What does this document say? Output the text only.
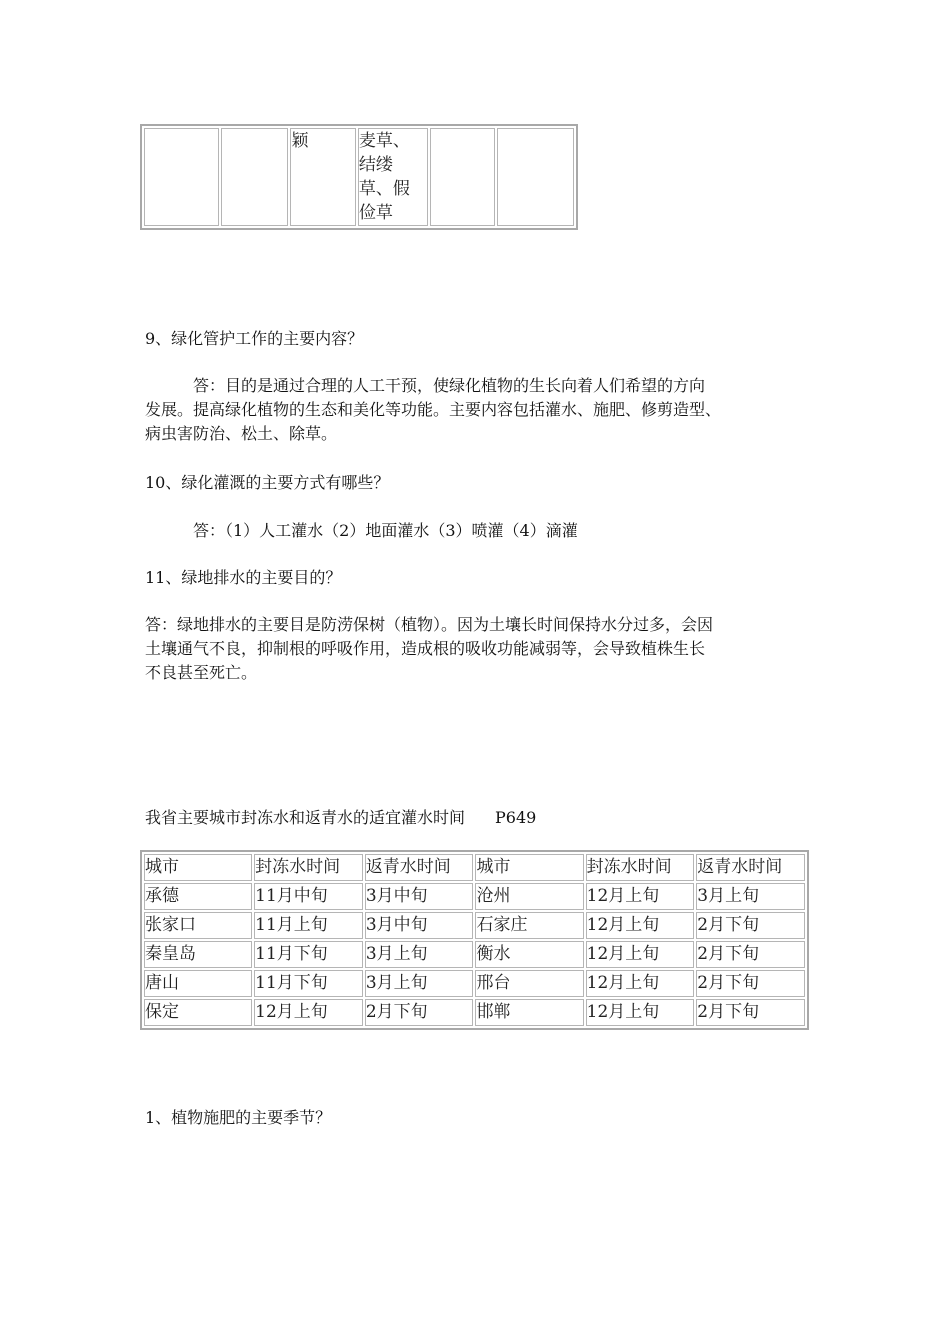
		颖	麦草、结缕草、假俭草		
9、绿化管护工作的主要内容？
答：目的是通过合理的人工干预，使绿化植物的生长向着人们希望的方向
发展。提高绿化植物的生态和美化等功能。主要内容包括灌水、施肥、修剪造型、
病虫害防治、松土、除草。
10、绿化灌溉的主要方式有哪些？
答：（1）人工灌水（2）地面灌水（3）喷灌（4）滴灌
11、绿地排水的主要目的？
答：绿地排水的主要目是防涝保树（植物）。因为土壤长时间保持水分过多，会因
土壤通气不良，抑制根的呼吸作用，造成根的吸收功能减弱等，会导致植株生长
不良甚至死亡。
我省主要城市封冻水和返青水的适宜灌水时间 P649
城市	封冻水时间	返青水时间	城市	封冻水时间	返青水时间
承德	11月中旬	3月中旬	沧州	12月上旬	3月上旬
张家口	11月上旬	3月中旬	石家庄	12月上旬	2月下旬
秦皇岛	11月下旬	3月上旬	衡水	12月上旬	2月下旬
唐山	11月下旬	3月上旬	邢台	12月上旬	2月下旬
保定	12月上旬	2月下旬	邯郸	12月上旬	2月下旬
1、植物施肥的主要季节？
